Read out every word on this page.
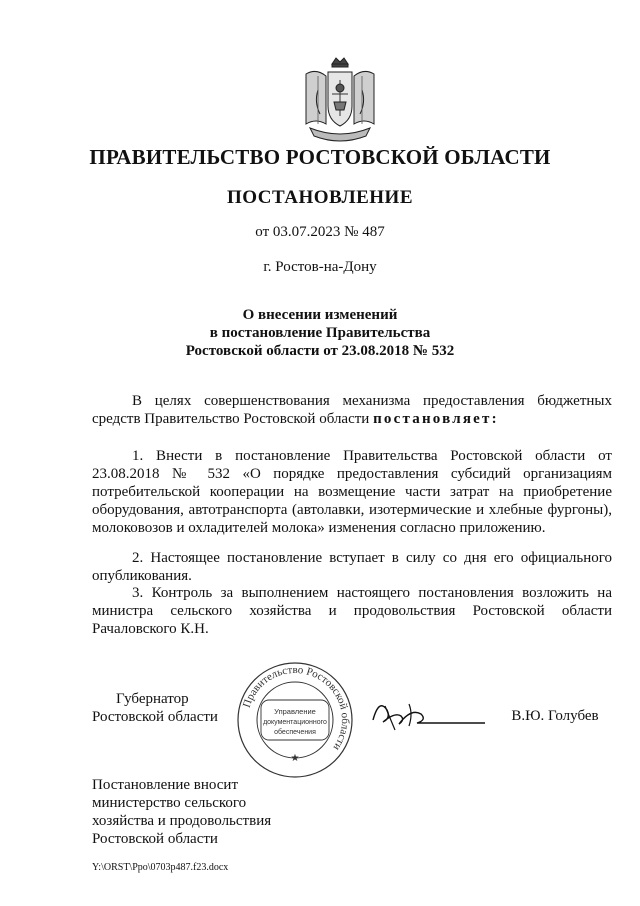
ПРАВИТЕЛЬСТВО РОСТОВСКОЙ ОБЛАСТИ
ПОСТАНОВЛЕНИЕ
от 03.07.2023 № 487
г. Ростов-на-Дону
О внесении изменений
в постановление Правительства
Ростовской области от 23.08.2018 № 532
В целях совершенствования механизма предоставления бюджетных средств Правительство Ростовской области постановляет:
1. Внести в постановление Правительства Ростовской области от 23.08.2018 № 532 «О порядке предоставления субсидий организациям потребительской кооперации на возмещение части затрат на приобретение оборудования, автотранспорта (автолавки, изотермические и хлебные фургоны), молоковозов и охладителей молока» изменения согласно приложению.
2. Настоящее постановление вступает в силу со дня его официального опубликования.
3. Контроль за выполнением настоящего постановления возложить на министра сельского хозяйства и продовольствия Ростовской области Рачаловского К.Н.
Губернатор
Ростовской области
Правительство Ростовской области
Управление
документационного
обеспечения
★
В.Ю. Голубев
Постановление вносит
министерство сельского
хозяйства и продовольствия
Ростовской области
Y:\ORST\Ppo\0703p487.f23.docx
